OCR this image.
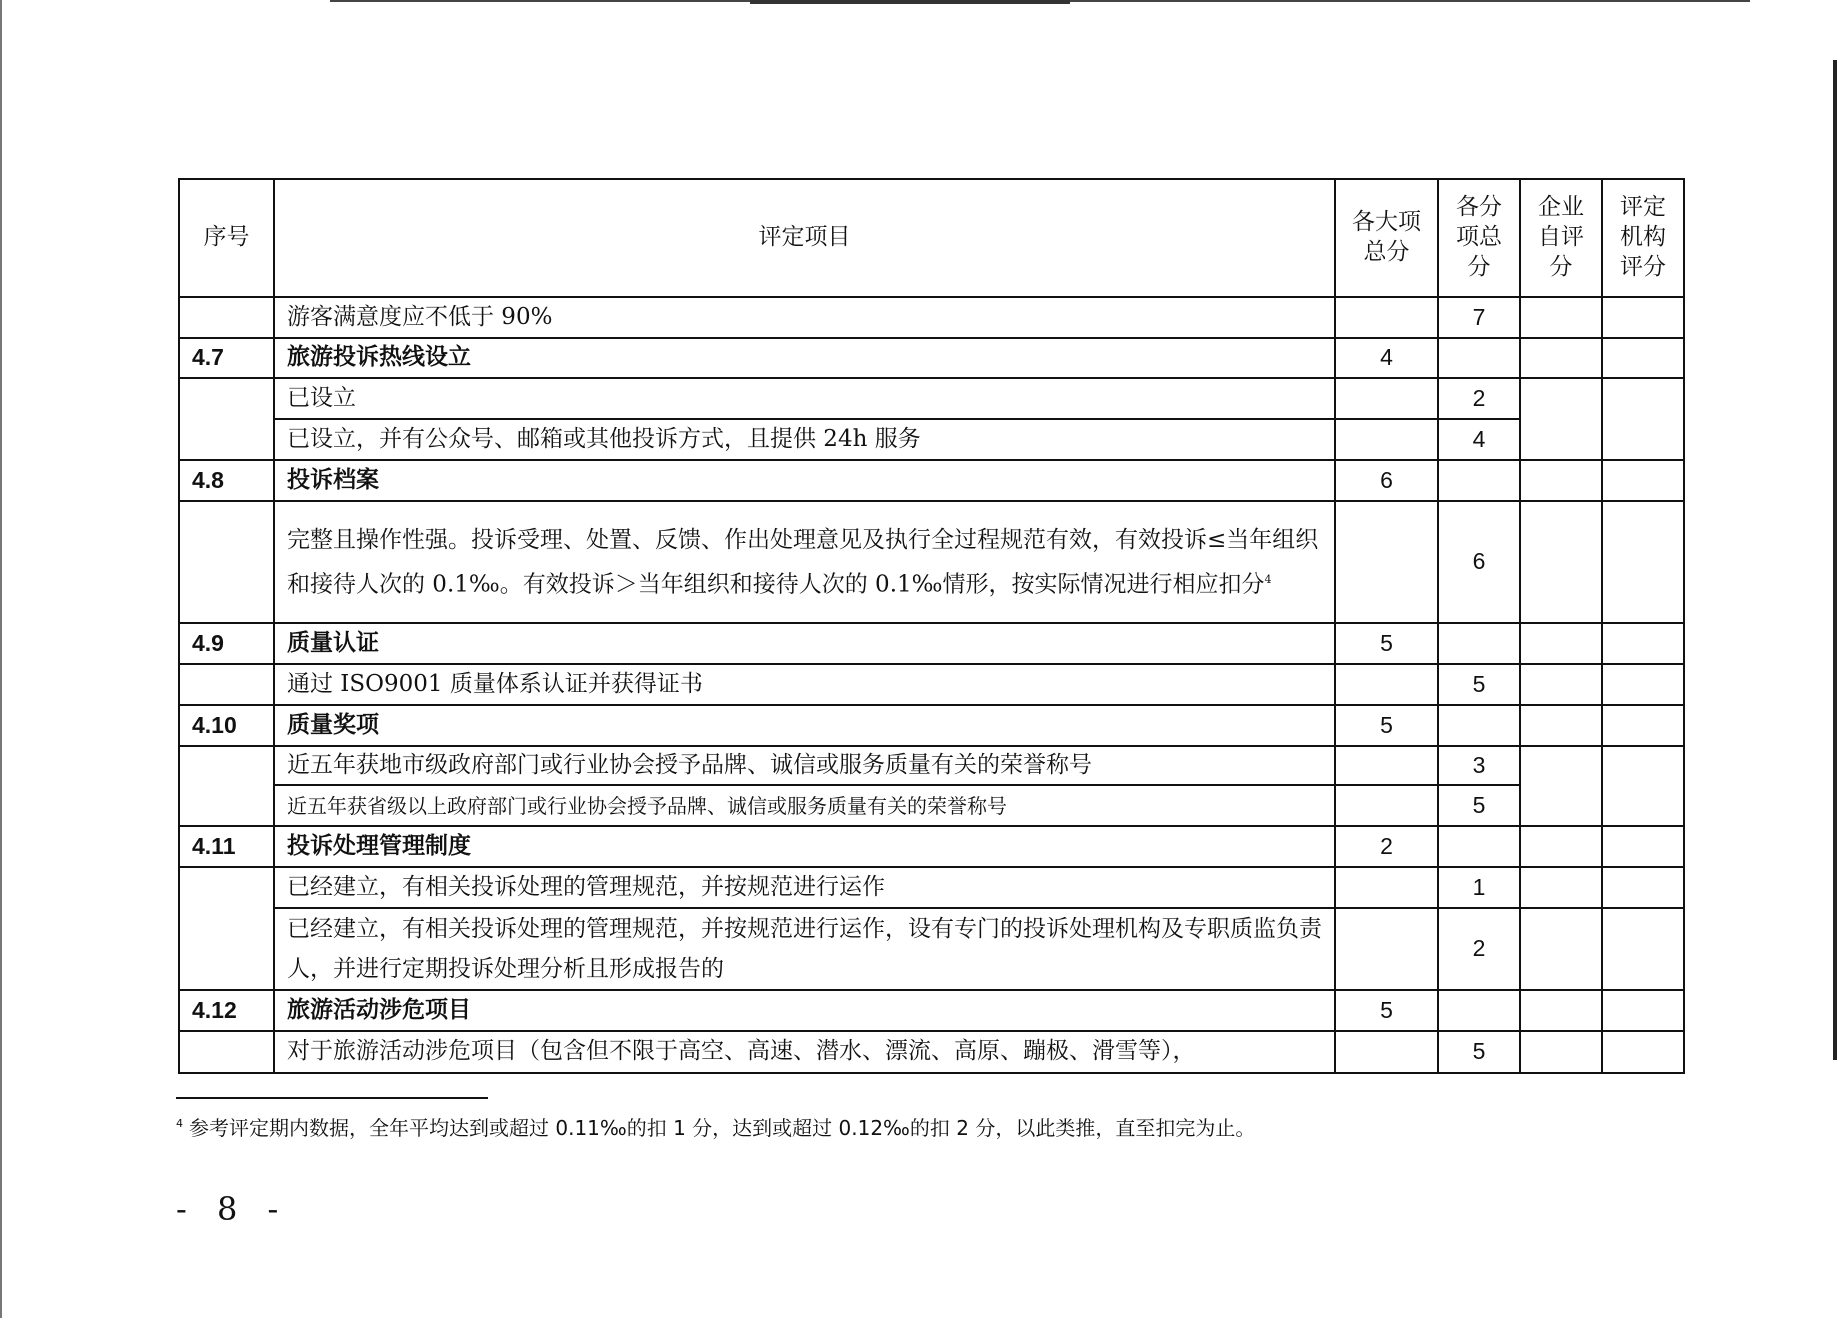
序号	评定项目	各大项总分	各分项总分	企业自评分	评定机构评分
	游客满意度应不低于 90%		7		
4.7	旅游投诉热线设立	4			
	已设立		2		
	已设立，并有公众号、邮箱或其他投诉方式，且提供 24h 服务		4		
4.8	投诉档案	6			
	完整且操作性强。投诉受理、处置、反馈、作出处理意见及执行全过程规范有效，有效投诉≤当年组织和接待人次的 0.1‰。有效投诉＞当年组织和接待人次的 0.1‰情形，按实际情况进行相应扣分$^4$		6		
4.9	质量认证	5			
	通过 ISO9001 质量体系认证并获得证书		5		
4.10	质量奖项	5			
	近五年获地市级政府部门或行业协会授予品牌、诚信或服务质量有关的荣誉称号		3		
	近五年获省级以上政府部门或行业协会授予品牌、诚信或服务质量有关的荣誉称号		5		
4.11	投诉处理管理制度	2			
	已经建立，有相关投诉处理的管理规范，并按规范进行运作		1		
	已经建立，有相关投诉处理的管理规范，并按规范进行运作，设有专门的投诉处理机构及专职质监负责人，并进行定期投诉处理分析且形成报告的		2		
4.12	旅游活动涉危项目	5			
	对于旅游活动涉危项目（包含但不限于高空、高速、潜水、漂流、高原、蹦极、滑雪等），		5		
$^4$ 参考评定期内数据，全年平均达到或超过 0.11‰的扣 1 分，达到或超过 0.12‰的扣 2 分，以此类推，直至扣完为止。
- 8 -
